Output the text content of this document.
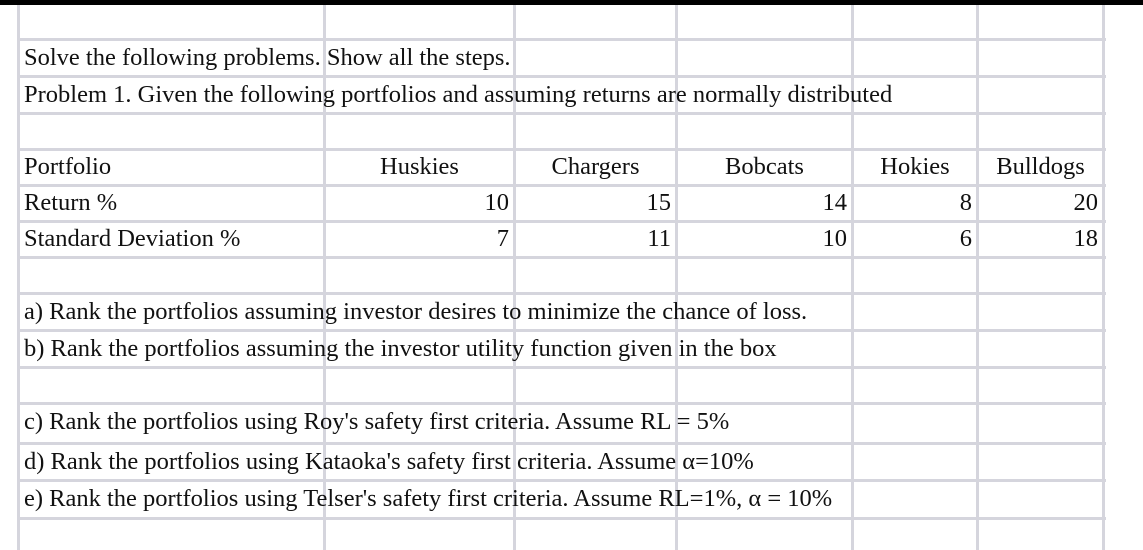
Solve the following problems. Show all the steps.
Problem 1. Given the following portfolios and assuming returns are normally distributed
Portfolio	Huskies	Chargers	Bobcats	Hokies	Bulldogs
Return %	10	15	14	8	20
Standard Deviation %	7	11	10	6	18
a) Rank the portfolios assuming investor desires to minimize the chance of loss.
b) Rank the portfolios assuming the investor utility function given in the box
c) Rank the portfolios using Roy's safety first criteria. Assume RL = 5%
d) Rank the portfolios using Kataoka's safety first criteria. Assume α=10%
e) Rank the portfolios using Telser's safety first criteria. Assume RL=1%, α = 10%
